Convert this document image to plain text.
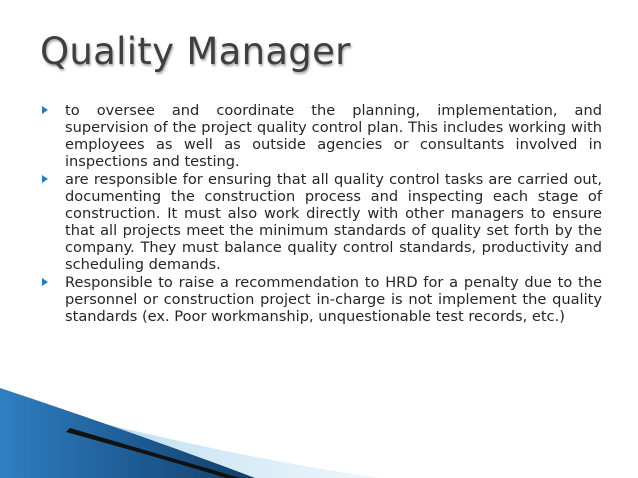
Quality Manager
to oversee and coordinate the planning, implementation, and supervision of the project quality control plan. This includes working with employees as well as outside agencies or consultants involved in inspections and testing.
are responsible for ensuring that all quality control tasks are carried out, documenting the construction process and inspecting each stage of construction. It must also work directly with other managers to ensure that all projects meet the minimum standards of quality set forth by the company. They must balance quality control standards, productivity and scheduling demands.
Responsible to raise a recommendation to HRD for a penalty due to the personnel or construction project in-charge is not implement the quality standards (ex. Poor workmanship, unquestionable test records, etc.)
